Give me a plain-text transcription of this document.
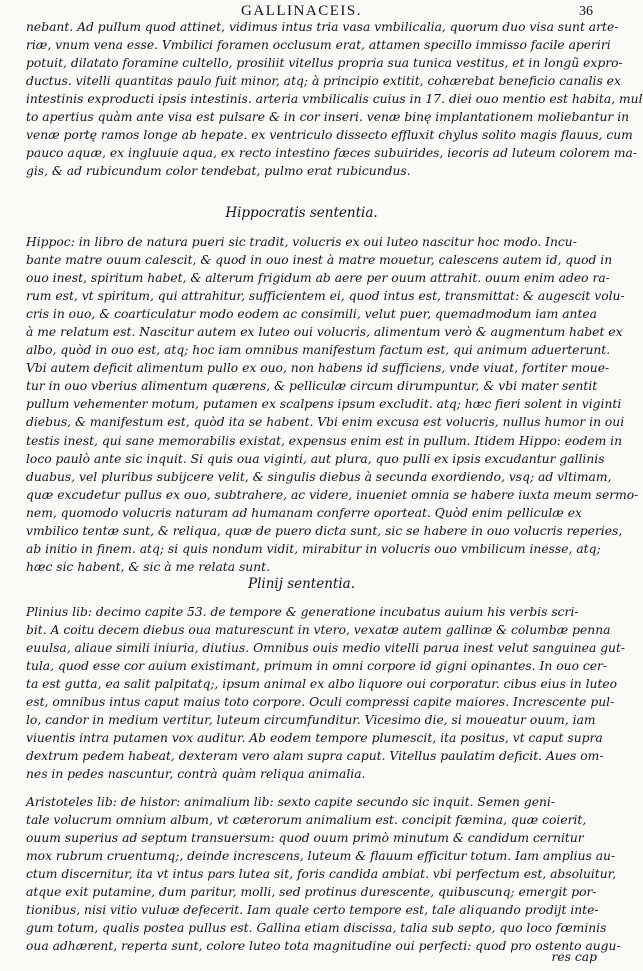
GALLINACEIS.	36
nebant. Ad pullum quod attinet, vidimus intus tria vasa vmbilicalia, quorum duo visa sunt arte-
riæ, vnum vena esse. Vmbilici foramen occlusum erat, attamen specillo immisso facile aperiri
potuit, dilatato foramine cultello, prosiliit vitellus propria sua tunica vestitus, et in longũ expro-
ductus. vitelli quantitas paulo fuit minor, atq; à principio extitit, cohærebat beneficio canalis ex
intestinis exproducti ipsis intestinis. arteria vmbilicalis cuius in 17. diei ouo mentio est habita, mul
to apertius quàm ante visa est pulsare & in cor inseri. venæ binę implantationem moliebantur in
venæ portę ramos longe ab hepate. ex ventriculo dissecto effluxit chylus solito magis flauus, cum
pauco aquæ, ex ingluuie aqua, ex recto intestino fæces subuirides, iecoris ad luteum colorem ma-
gis, & ad rubicundum color tendebat, pulmo erat rubicundus.
Hippocratis sententia.
Hippoc: in libro de natura pueri sic tradit, volucris ex oui luteo nascitur hoc modo. Incu-
bante matre ouum calescit, & quod in ouo inest à matre mouetur, calescens autem id, quod in
ouo inest, spiritum habet, & alterum frigidum ab aere per ouum attrahit. ouum enim adeo ra-
rum est, vt spiritum, qui attrahitur, sufficientem ei, quod intus est, transmittat: & augescit volu-
cris in ouo, & coarticulatur modo eodem ac consimili, velut puer, quemadmodum iam antea
à me relatum est. Nascitur autem ex luteo oui volucris, alimentum verò & augmentum habet ex
albo, quòd in ouo est, atq; hoc iam omnibus manifestum factum est, qui animum aduerterunt.
Vbi autem deficit alimentum pullo ex ouo, non habens id sufficiens, vnde viuat, fortiter moue-
tur in ouo vberius alimentum quærens, & pelliculæ circum dirumpuntur, & vbi mater sentit
pullum vehementer motum, putamen ex scalpens ipsum excludit. atq; hæc fieri solent in viginti
diebus, & manifestum est, quòd ita se habent. Vbi enim excusa est volucris, nullus humor in oui
testis inest, qui sane memorabilis existat, expensus enim est in pullum. Itidem Hippo: eodem in
loco paulò ante sic inquit. Si quis oua viginti, aut plura, quo pulli ex ipsis excudantur gallinis
duabus, vel pluribus subijcere velit, & singulis diebus à secunda exordiendo, vsq; ad vltimam,
quæ excudetur pullus ex ouo, subtrahere, ac videre, inueniet omnia se habere iuxta meum sermo-
nem, quomodo volucris naturam ad humanam conferre oporteat. Quòd enim pelliculæ ex
vmbilico tentæ sunt, & reliqua, quæ de puero dicta sunt, sic se habere in ouo volucris reperies,
ab initio in finem. atq; si quis nondum vidit, mirabitur in volucris ouo vmbilicum inesse, atq;
hæc sic habent, & sic à me relata sunt.
Plinij sententia.
Plinius lib: decimo capite 53. de tempore & generatione incubatus auium his verbis scri-
bit. A coitu decem diebus oua maturescunt in vtero, vexatæ autem gallinæ & columbæ penna
euulsa, aliaue simili iniuria, diutius. Omnibus ouis medio vitelli parua inest velut sanguinea gut-
tula, quod esse cor auium existimant, primum in omni corpore id gigni opinantes. In ouo cer-
ta est gutta, ea salit palpitatq;, ipsum animal ex albo liquore oui corporatur. cibus eius in luteo
est, omnibus intus caput maius toto corpore. Oculi compressi capite maiores. Increscente pul-
lo, candor in medium vertitur, luteum circumfunditur. Vicesimo die, si moueatur ouum, iam
viuentis intra putamen vox auditur. Ab eodem tempore plumescit, ita positus, vt caput supra
dextrum pedem habeat, dexteram vero alam supra caput. Vitellus paulatim deficit. Aues om-
nes in pedes nascuntur, contrà quàm reliqua animalia.
Aristoteles lib: de histor: animalium lib: sexto capite secundo sic inquit. Semen geni-
tale volucrum omnium album, vt cæterorum animalium est. concipit fœmina, quæ coierit,
ouum superius ad septum transuersum: quod ouum primò minutum & candidum cernitur
mox rubrum cruentumq;, deinde increscens, luteum & flauum efficitur totum. Iam amplius au-
ctum discernitur, ita vt intus pars lutea sit, foris candida ambiat. vbi perfectum est, absoluitur,
atque exit putamine, dum paritur, molli, sed protinus durescente, quibuscunq; emergit por-
tionibus, nisi vitio vuluæ defecerit. Iam quale certo tempore est, tale aliquando prodijt inte-
gum totum, qualis postea pullus est. Gallina etiam discissa, talia sub septo, quo loco fœminis
oua adhærent, reperta sunt, colore luteo tota magnitudine oui perfecti: quod pro ostento augu-
res cap
